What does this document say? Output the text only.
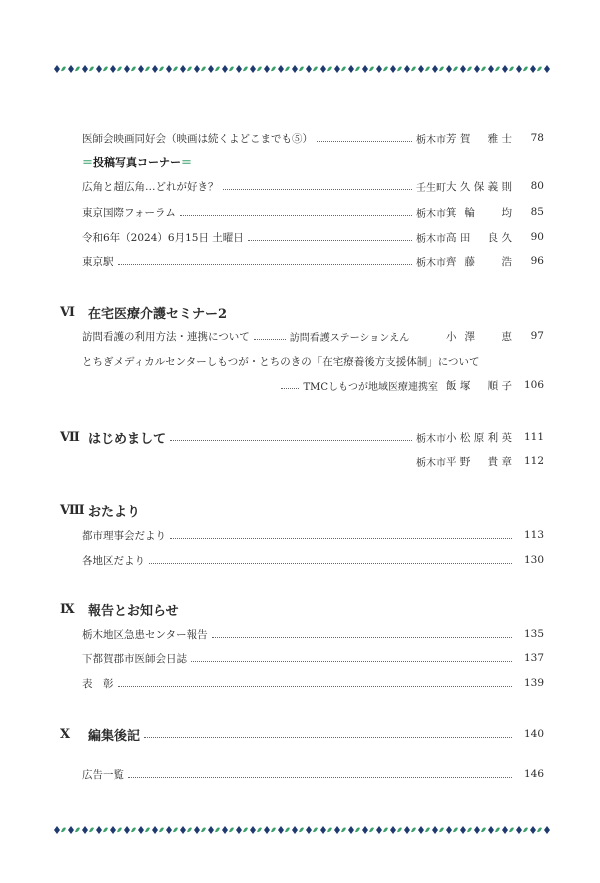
医師会映画同好会（映画は続くよどこまでも⑤）	栃木市 芳賀　雅士	78
＝投稿写真コーナー＝
広角と超広角…どれが好き？	壬生町 大久保義則	80
東京国際フォーラム	栃木市 箕輪　均	85
令和6年（2024）6月15日 土曜日	栃木市 高田　良久	90
東京駅	栃木市 齊藤　浩	96
Ⅵ	在宅医療介護セミナー2
訪問看護の利用方法・連携について	訪問看護ステーションえん	小澤　恵	97
とちぎメディカルセンターしもつが・とちのきの「在宅療養後方支援体制」について
TMCしもつが地域医療連携室 飯塚　順子	106
Ⅶ はじめまして	栃木市 小松原利英	111
栃木市 平野　貴章	112
Ⅷ おたより
都市理事会だより	113
各地区だより	130
Ⅸ	報告とお知らせ
栃木地区急患センター報告	135
下都賀郡市医師会日誌	137
表　彰	139
Ⅹ	編集後記	140
広告一覧	146
